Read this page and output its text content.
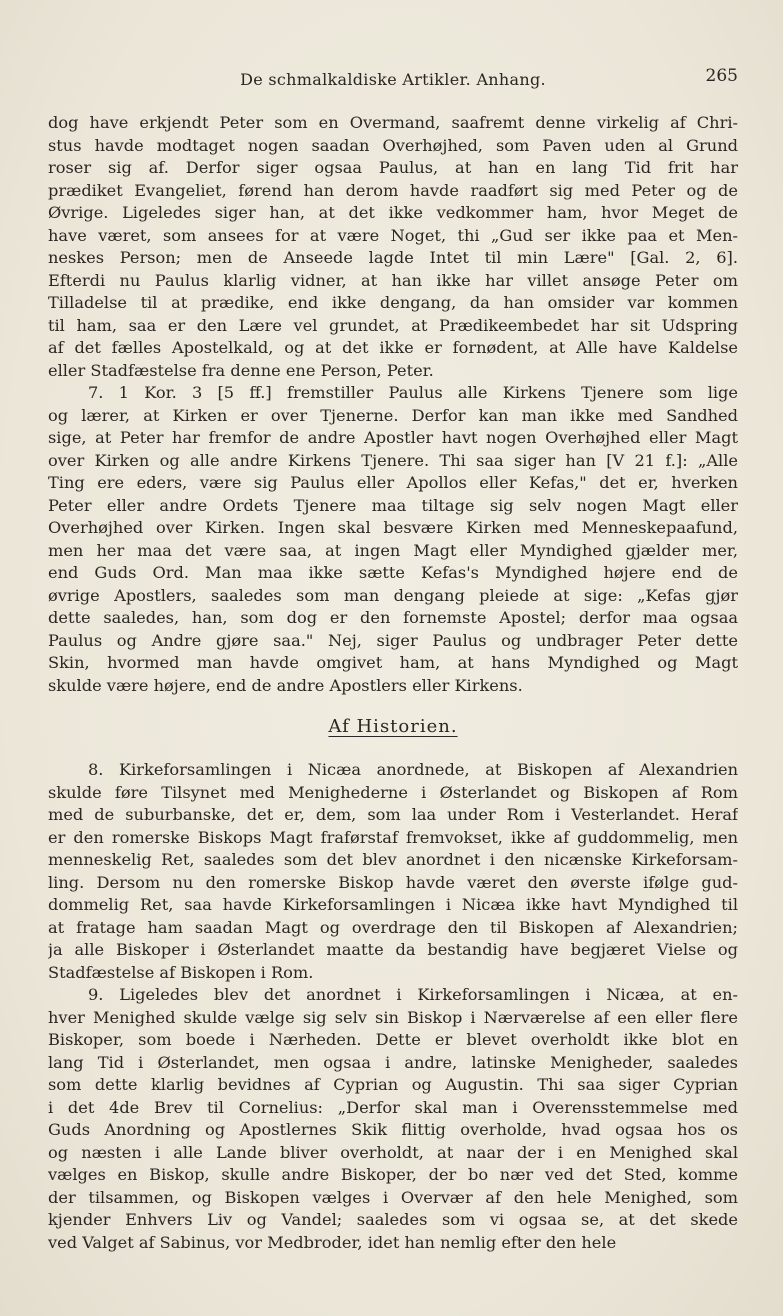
De schmalkaldiske Artikler. Anhang.	265
dog have erkjendt Peter som en Overmand, saafremt denne virkelig af Chri-
stus havde modtaget nogen saadan Overhøjhed, som Paven uden al Grund
roser sig af. Derfor siger ogsaa Paulus, at han en lang Tid frit har
prædiket Evangeliet, førend han derom havde raadført sig med Peter og de
Øvrige. Ligeledes siger han, at det ikke vedkommer ham, hvor Meget de
have været, som ansees for at være Noget, thi „Gud ser ikke paa et Men-
neskes Person; men de Anseede lagde Intet til min Lære" [Gal. 2, 6].
Efterdi nu Paulus klarlig vidner, at han ikke har villet ansøge Peter om
Tilladelse til at prædike, end ikke dengang, da han omsider var kommen
til ham, saa er den Lære vel grundet, at Prædikeembedet har sit Udspring
af det fælles Apostelkald, og at det ikke er fornødent, at Alle have Kaldelse
eller Stadfæstelse fra denne ene Person, Peter.
7. 1 Kor. 3 [5 ff.] fremstiller Paulus alle Kirkens Tjenere som lige
og lærer, at Kirken er over Tjenerne. Derfor kan man ikke med Sandhed
sige, at Peter har fremfor de andre Apostler havt nogen Overhøjhed eller Magt
over Kirken og alle andre Kirkens Tjenere. Thi saa siger han [V 21 f.]: „Alle
Ting ere eders, være sig Paulus eller Apollos eller Kefas," det er, hverken
Peter eller andre Ordets Tjenere maa tiltage sig selv nogen Magt eller
Overhøjhed over Kirken. Ingen skal besvære Kirken med Menneskepaafund,
men her maa det være saa, at ingen Magt eller Myndighed gjælder mer,
end Guds Ord. Man maa ikke sætte Kefas's Myndighed højere end de
øvrige Apostlers, saaledes som man dengang pleiede at sige: „Kefas gjør
dette saaledes, han, som dog er den fornemste Apostel; derfor maa ogsaa
Paulus og Andre gjøre saa." Nej, siger Paulus og undbrager Peter dette
Skin, hvormed man havde omgivet ham, at hans Myndighed og Magt
skulde være højere, end de andre Apostlers eller Kirkens.
Af Historien.
8. Kirkeforsamlingen i Nicæa anordnede, at Biskopen af Alexandrien
skulde føre Tilsynet med Menighederne i Østerlandet og Biskopen af Rom
med de suburbanske, det er, dem, som laa under Rom i Vesterlandet. Heraf
er den romerske Biskops Magt fraførstaf fremvokset, ikke af guddommelig, men
menneskelig Ret, saaledes som det blev anordnet i den nicænske Kirkeforsam-
ling. Dersom nu den romerske Biskop havde været den øverste ifølge gud-
dommelig Ret, saa havde Kirkeforsamlingen i Nicæa ikke havt Myndighed til
at fratage ham saadan Magt og overdrage den til Biskopen af Alexandrien;
ja alle Biskoper i Østerlandet maatte da bestandig have begjæret Vielse og
Stadfæstelse af Biskopen i Rom.
9. Ligeledes blev det anordnet i Kirkeforsamlingen i Nicæa, at en-
hver Menighed skulde vælge sig selv sin Biskop i Nærværelse af een eller flere
Biskoper, som boede i Nærheden. Dette er blevet overholdt ikke blot en
lang Tid i Østerlandet, men ogsaa i andre, latinske Menigheder, saaledes
som dette klarlig bevidnes af Cyprian og Augustin. Thi saa siger Cyprian
i det 4de Brev til Cornelius: „Derfor skal man i Overensstemmelse med
Guds Anordning og Apostlernes Skik flittig overholde, hvad ogsaa hos os
og næsten i alle Lande bliver overholdt, at naar der i en Menighed skal
vælges en Biskop, skulle andre Biskoper, der bo nær ved det Sted, komme
der tilsammen, og Biskopen vælges i Overvær af den hele Menighed, som
kjender Enhvers Liv og Vandel; saaledes som vi ogsaa se, at det skede
ved Valget af Sabinus, vor Medbroder, idet han nemlig efter den hele
